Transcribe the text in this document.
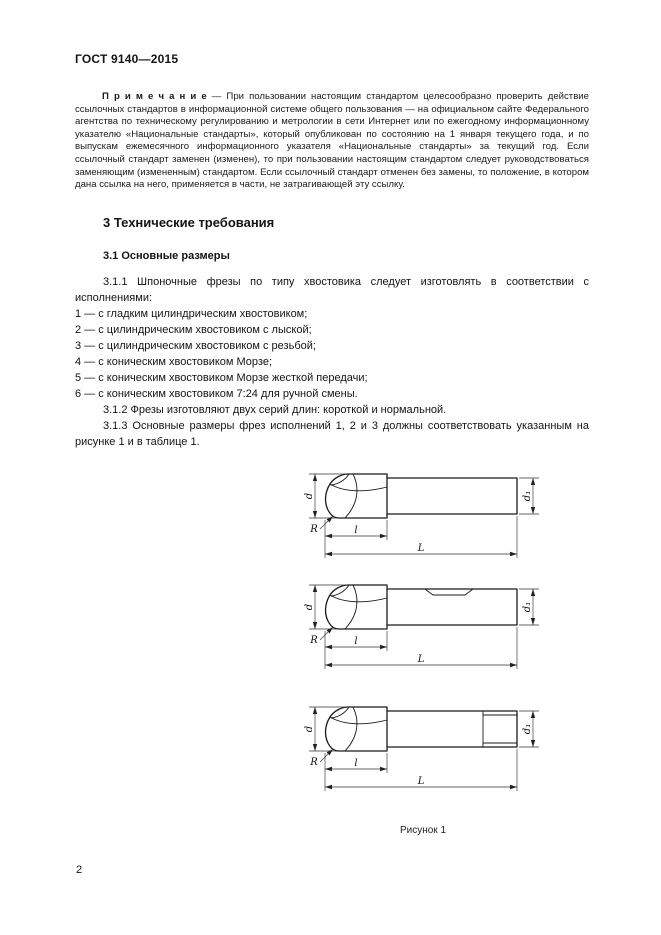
ГОСТ 9140—2015

П р и м е ч а н и е — При пользовании настоящим стандартом целесообразно проверить действие ссылочных стандартов в информационной системе общего пользования — на официальном сайте Федерального агентства по техническому регулированию и метрологии в сети Интернет или по ежегодному информационному указателю «Национальные стандарты», который опубликован по состоянию на 1 января текущего года, и по выпускам ежемесячного информационного указателя «Национальные стандарты» за текущий год. Если ссылочный стандарт заменен (изменен), то при пользовании настоящим стандартом следует руководствоваться заменяющим (измененным) стандартом. Если ссылочный стандарт отменен без замены, то положение, в котором дана ссылка на него, применяется в части, не затрагивающей эту ссылку.

3 Технические требования
3.1 Основные размеры

3.1.1 Шпоночные фрезы по типу хвостовика следует изготовлять в соответствии с исполнениями:

1 — с гладким цилиндрическим хвостовиком;
2 — с цилиндрическим хвостовиком с лыской;
3 — с цилиндрическим хвостовиком с резьбой;
4 — с коническим хвостовиком Морзе;
5 — с коническим хвостовиком Морзе жесткой передачи;
6 — с коническим хвостовиком 7:24 для ручной смены.

3.1.2 Фрезы изготовляют двух серий длин: короткой и нормальной.

3.1.3 Основные размеры фрез исполнений 1, 2 и 3 должны соответствовать указанным на рисунке 1 и в таблице 1.

d	d₁
l
L
R
d	d₁
l
L
R
d	d₁
l
L
R
Рисунок 1
2
